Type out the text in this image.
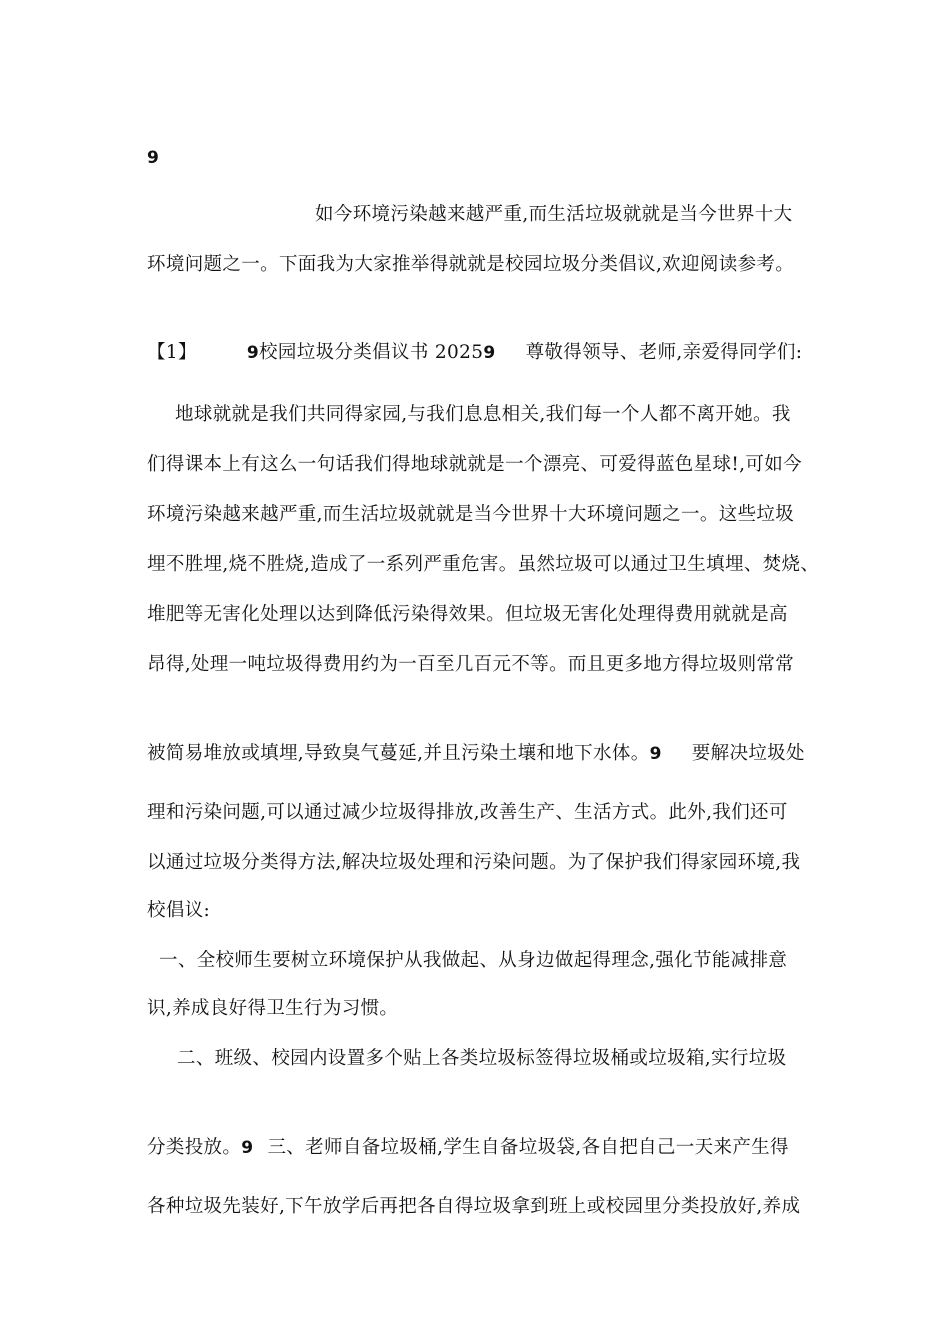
9
如今环境污染越来越严重,而生活垃圾就就是当今世界十大
环境问题之一。下面我为大家推举得就就是校园垃圾分类倡议,欢迎阅读参考。
【1】	9校园垃圾分类倡议书 20259 尊敬得领导、老师,亲爱得同学们:
地球就就是我们共同得家园,与我们息息相关,我们每一个人都不离开她。我
们得课本上有这么一句话我们得地球就就是一个漂亮、可爱得蓝色星球!,可如今
环境污染越来越严重,而生活垃圾就就是当今世界十大环境问题之一。这些垃圾
埋不胜埋,烧不胜烧,造成了一系列严重危害。虽然垃圾可以通过卫生填埋、焚烧、
堆肥等无害化处理以达到降低污染得效果。但垃圾无害化处理得费用就就是高
昂得,处理一吨垃圾得费用约为一百至几百元不等。而且更多地方得垃圾则常常
被简易堆放或填埋,导致臭气蔓延,并且污染土壤和地下水体。9 要解决垃圾处
理和污染问题,可以通过减少垃圾得排放,改善生产、生活方式。此外,我们还可
以通过垃圾分类得方法,解决垃圾处理和污染问题。为了保护我们得家园环境,我
校倡议:
一、全校师生要树立环境保护从我做起、从身边做起得理念,强化节能减排意
识,养成良好得卫生行为习惯。
二、班级、校园内设置多个贴上各类垃圾标签得垃圾桶或垃圾箱,实行垃圾
分类投放。9 三、老师自备垃圾桶,学生自备垃圾袋,各自把自己一天来产生得
各种垃圾先装好,下午放学后再把各自得垃圾拿到班上或校园里分类投放好,养成
